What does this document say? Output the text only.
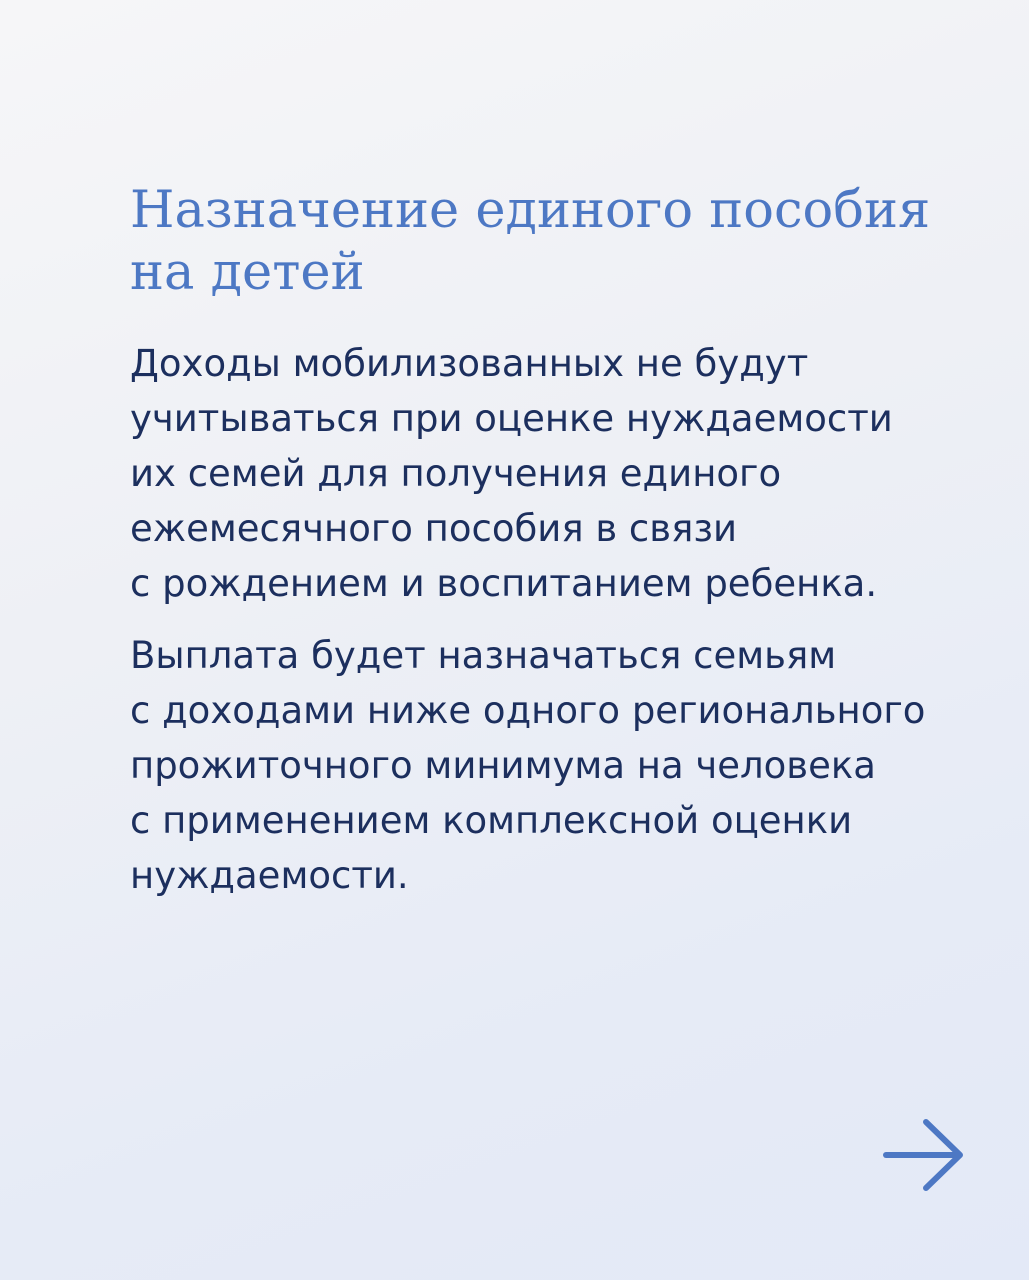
Назначение единого пособия
на детей

Доходы мобилизованных не будут
учитываться при оценке нуждаемости
их семей для получения единого
ежемесячного пособия в связи
с рождением и воспитанием ребенка.

Выплата будет назначаться семьям
с доходами ниже одного регионального
прожиточного минимума на человека
с применением комплексной оценки
нуждаемости.
